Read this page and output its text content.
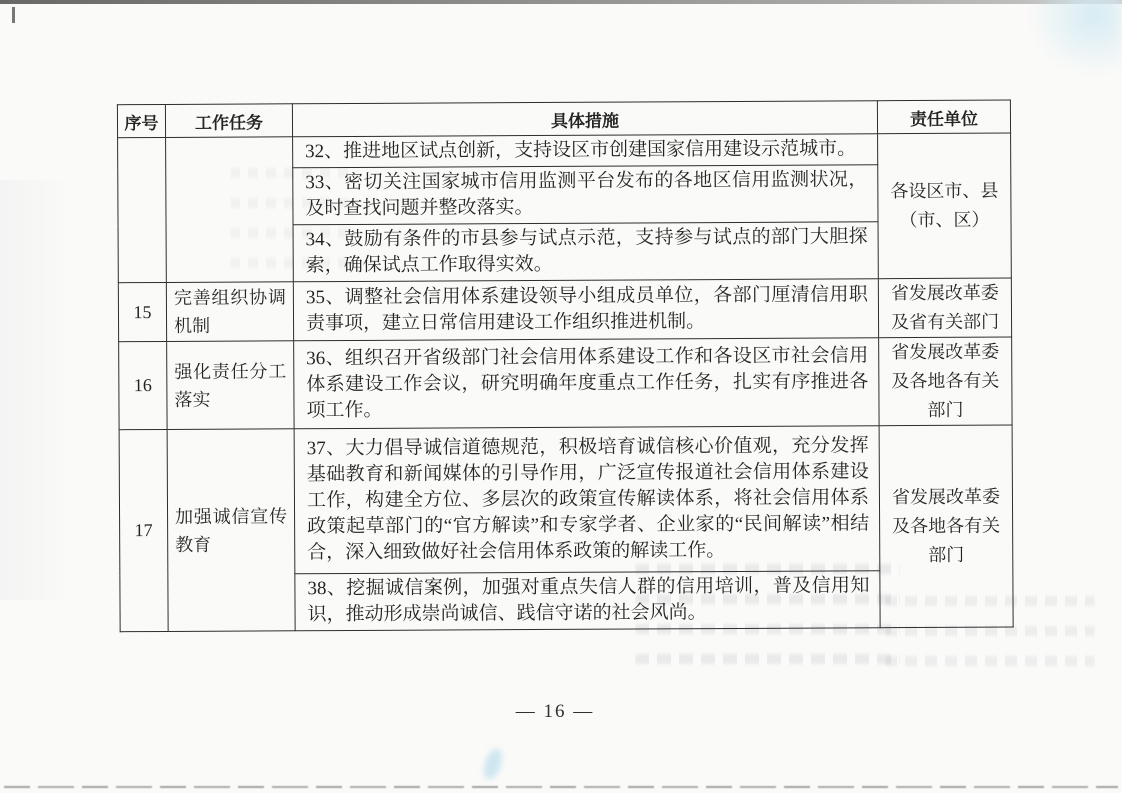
序号	工作任务	具体措施	责任单位
		32、推进地区试点创新，支持设区市创建国家信用建设示范城市。	各设区市、县
（市、区）
		33、密切关注国家城市信用监测平台发布的各地区信用监测状况，及时查找问题并整改落实。	
		34、鼓励有条件的市县参与试点示范，支持参与试点的部门大胆探索，确保试点工作取得实效。	
15	完善组织协调机制	35、调整社会信用体系建设领导小组成员单位，各部门厘清信用职责事项，建立日常信用建设工作组织推进机制。	省发展改革委
及省有关部门
16	强化责任分工落实	36、组织召开省级部门社会信用体系建设工作和各设区市社会信用体系建设工作会议，研究明确年度重点工作任务，扎实有序推进各项工作。	省发展改革委
及各地各有关
部门
17	加强诚信宣传教育	37、大力倡导诚信道德规范，积极培育诚信核心价值观，充分发挥基础教育和新闻媒体的引导作用，广泛宣传报道社会信用体系建设工作，构建全方位、多层次的政策宣传解读体系，将社会信用体系政策起草部门的“官方解读”和专家学者、企业家的“民间解读”相结合，深入细致做好社会信用体系政策的解读工作。	省发展改革委
及各地各有关
部门
		38、挖掘诚信案例，加强对重点失信人群的信用培训，普及信用知识，推动形成崇尚诚信、践信守诺的社会风尚。	
— 16 —
